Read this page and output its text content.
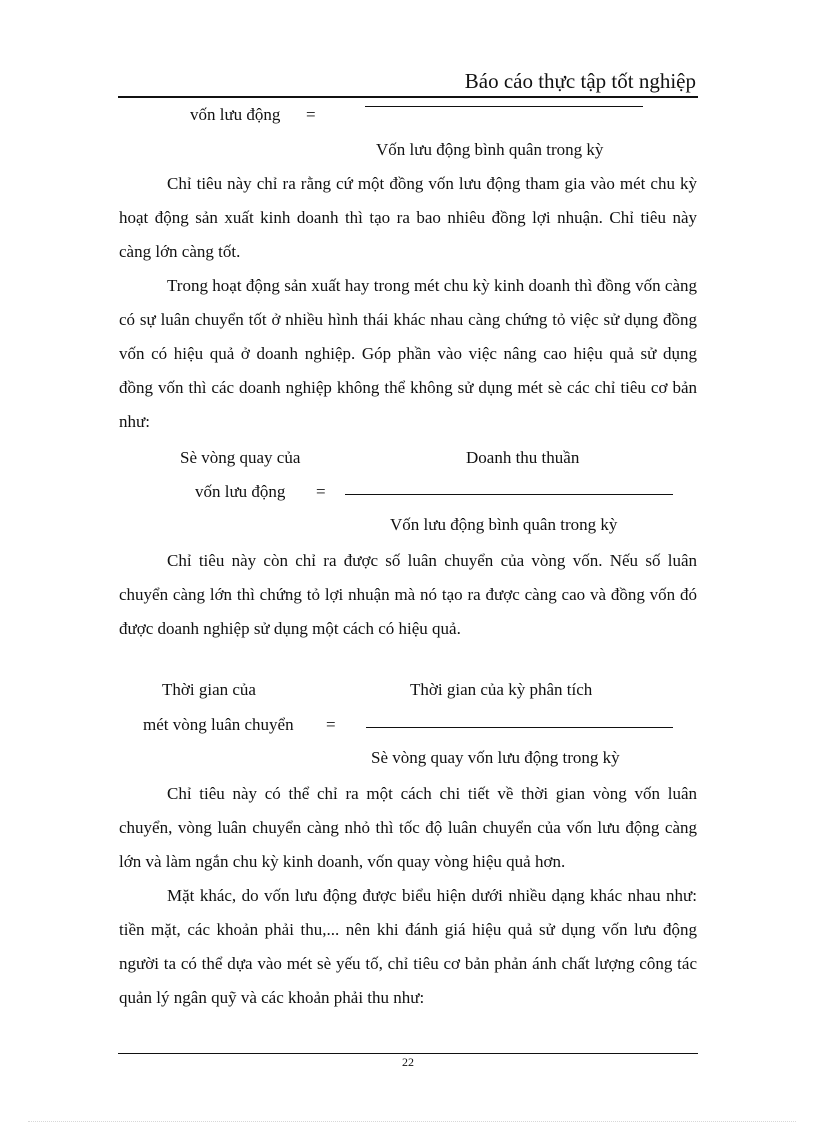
Báo cáo thực tập tốt nghiệp
vốn lưu động =
Vốn lưu động bình quân trong kỳ
Chỉ tiêu này chỉ ra rằng cứ một đồng vốn lưu động tham gia vào mét chu kỳ hoạt động sản xuất kinh doanh thì tạo ra bao nhiêu đồng lợi nhuận. Chỉ tiêu này càng lớn càng tốt.
Trong hoạt động sản xuất hay trong mét chu kỳ kinh doanh thì đồng vốn càng có sự luân chuyển tốt ở nhiều hình thái khác nhau càng chứng tỏ việc sử dụng đồng vốn có hiệu quả ở doanh nghiệp. Góp phần vào việc nâng cao hiệu quả sử dụng đồng vốn thì các doanh nghiệp không thể không sử dụng mét sè các chỉ tiêu cơ bản như:
Sè vòng quay của	Doanh thu thuần
vốn lưu động =
Vốn lưu động bình quân trong kỳ
Chỉ tiêu này còn chỉ ra được số luân chuyển của vòng vốn. Nếu số luân chuyển càng lớn thì chứng tỏ lợi nhuận mà nó tạo ra được càng cao và đồng vốn đó được doanh nghiệp sử dụng một cách có hiệu quả.
Thời gian của	Thời gian của kỳ phân tích
mét vòng luân chuyển =
Sè vòng quay vốn lưu động trong kỳ
Chỉ tiêu này có thể chỉ ra một cách chi tiết về thời gian vòng vốn luân chuyển, vòng luân chuyển càng nhỏ thì tốc độ luân chuyển của vốn lưu động càng lớn và làm ngắn chu kỳ kinh doanh, vốn quay vòng hiệu quả hơn.
Mặt khác, do vốn lưu động được biểu hiện dưới nhiều dạng khác nhau như: tiền mặt, các khoản phải thu,... nên khi đánh giá hiệu quả sử dụng vốn lưu động người ta có thể dựa vào mét sè yếu tố, chỉ tiêu cơ bản phản ánh chất lượng công tác quản lý ngân quỹ và các khoản phải thu như:
22
